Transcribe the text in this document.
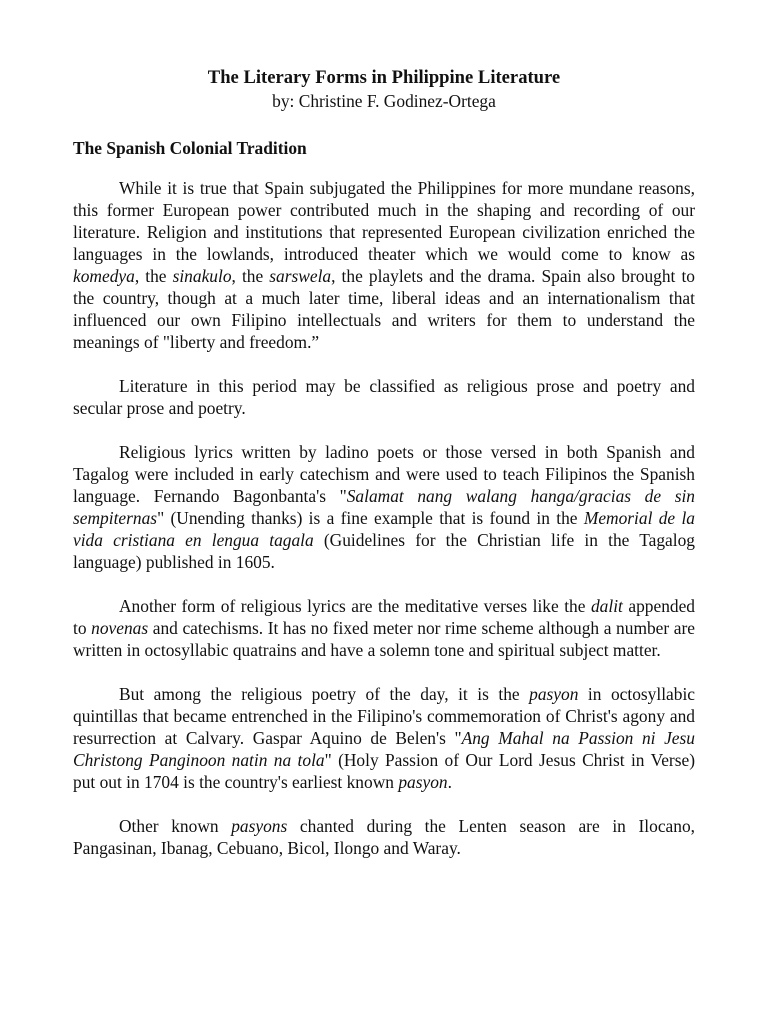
The Literary Forms in Philippine Literature
by: Christine F. Godinez-Ortega
The Spanish Colonial Tradition

While it is true that Spain subjugated the Philippines for more mundane reasons, this former European power contributed much in the shaping and recording of our literature. Religion and institutions that represented European civilization enriched the languages in the lowlands, introduced theater which we would come to know as komedya, the sinakulo, the sarswela, the playlets and the drama. Spain also brought to the country, though at a much later time, liberal ideas and an internationalism that influenced our own Filipino intellectuals and writers for them to understand the meanings of "liberty and freedom.”

Literature in this period may be classified as religious prose and poetry and secular prose and poetry.

Religious lyrics written by ladino poets or those versed in both Spanish and Tagalog were included in early catechism and were used to teach Filipinos the Spanish language. Fernando Bagonbanta's "Salamat nang walang hanga/gracias de sin sempiternas" (Unending thanks) is a fine example that is found in the Memorial de la vida cristiana en lengua tagala (Guidelines for the Christian life in the Tagalog language) published in 1605.

Another form of religious lyrics are the meditative verses like the dalit appended to novenas and catechisms. It has no fixed meter nor rime scheme although a number are written in octosyllabic quatrains and have a solemn tone and spiritual subject matter.

But among the religious poetry of the day, it is the pasyon in octosyllabic quintillas that became entrenched in the Filipino's commemoration of Christ's agony and resurrection at Calvary. Gaspar Aquino de Belen's "Ang Mahal na Passion ni Jesu Christong Panginoon natin na tola" (Holy Passion of Our Lord Jesus Christ in Verse) put out in 1704 is the country's earliest known pasyon.

Other known pasyons chanted during the Lenten season are in Ilocano, Pangasinan, Ibanag, Cebuano, Bicol, Ilongo and Waray.
